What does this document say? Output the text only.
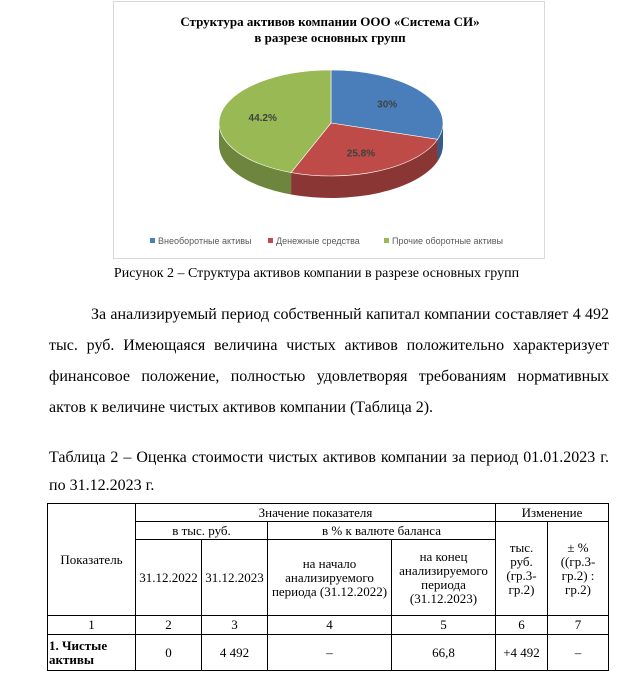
Структура активов компании ООО «Система СИ»
в разрезе основных групп
30%
25.8%
44.2%
Внеоборотные активы	Денежные средства	Прочие оборотные активы
Рисунок 2 – Структура активов компании в разрезе основных групп
За анализируемый период собственный капитал компании составляет 4 492 тыс. руб. Имеющаяся величина чистых активов положительно характеризует финансовое положение, полностью удовлетворяя требованиям нормативных актов к величине чистых активов компании (Таблица 2).
Таблица 2 – Оценка стоимости чистых активов компании за период 01.01.2023 г. по 31.12.2023 г.
Показатель	Значение показателя				Изменение	
	в тыс. руб.		в % к валюте баланса		тыс. руб. (гр.3-гр.2)	± % ((гр.3-гр.2) : гр.2)
	31.12.2022	31.12.2023	на начало анализируемого периода (31.12.2022)	на конец анализируемого периода (31.12.2023)		

1	2	3	4	5	6	7
1. Чистые активы	0	4 492	–	66,8	+4 492	–
